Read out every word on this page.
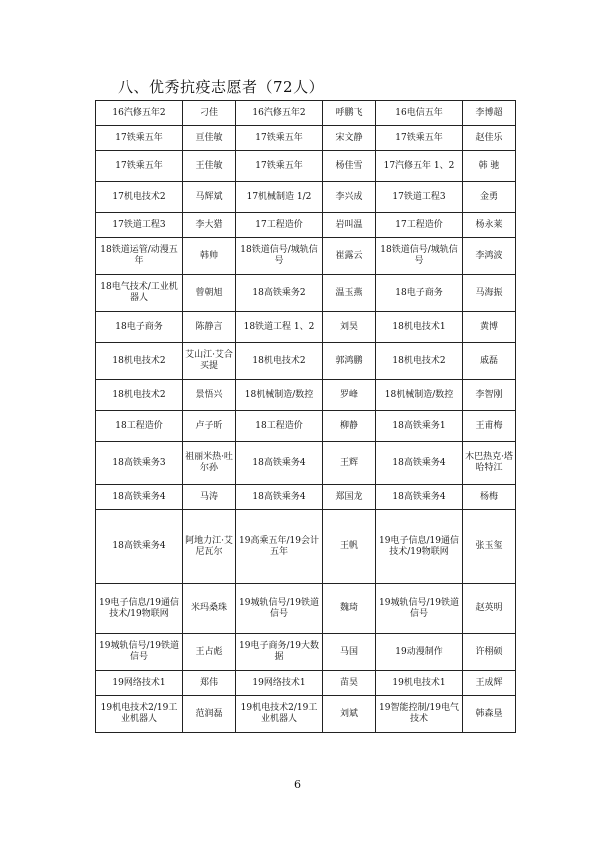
八、优秀抗疫志愿者（72人）
16汽修五年2	刁佳	16汽修五年2	呼鹏飞	16电信五年	李博超
17铁乘五年	亘佳敏	17铁乘五年	宋文静	17铁乘五年	赵佳乐
17铁乘五年	王佳敏	17铁乘五年	杨佳雪	17汽修五年 1、2	韩 驰
17机电技术2	马辉斌	17机械制造 1/2	李兴成	17铁道工程3	金勇
17铁道工程3	李大猎	17工程造价	岩叫温	17工程造价	杨永莱
18铁道运管/动漫五年	韩帅	18铁道信号/城轨信号	崔露云	18铁道信号/城轨信号	李鸿波
18电气技术/工业机器人	曾朝旭	18高铁乘务2	温玉燕	18电子商务	马海振
18电子商务	陈静言	18铁道工程 1、2	刘昊	18机电技术1	黄博
18机电技术2	艾山江·艾合买提	18机电技术2	郭鸿鹏	18机电技术2	戚磊
18机电技术2	景悟兴	18机械制造/数控	罗峰	18机械制造/数控	李智刚
18工程造价	卢子昕	18工程造价	柳静	18高铁乘务1	王甫梅
18高铁乘务3	祖丽米热·吐尔孙	18高铁乘务4	王辉	18高铁乘务4	木巴热克·塔哈特江
18高铁乘务4	马涛	18高铁乘务4	郑国龙	18高铁乘务4	杨梅
18高铁乘务4	阿地力江·艾尼瓦尔	19高乘五年/19会计五年	王帆	19电子信息/19通信技术/19物联网	张玉玺
19电子信息/19通信技术/19物联网	米玛桑珠	19城轨信号/19铁道信号	魏琦	19城轨信号/19铁道信号	赵英明
19城轨信号/19铁道信号	王占彪	19电子商务/19大数据	马国	19动漫制作	许栩硕
19网络技术1	郑伟	19网络技术1	苗昊	19机电技术1	王成辉
19机电技术2/19工业机器人	范润磊	19机电技术2/19工业机器人	刘斌	19智能控制/19电气技术	韩森垦
6
